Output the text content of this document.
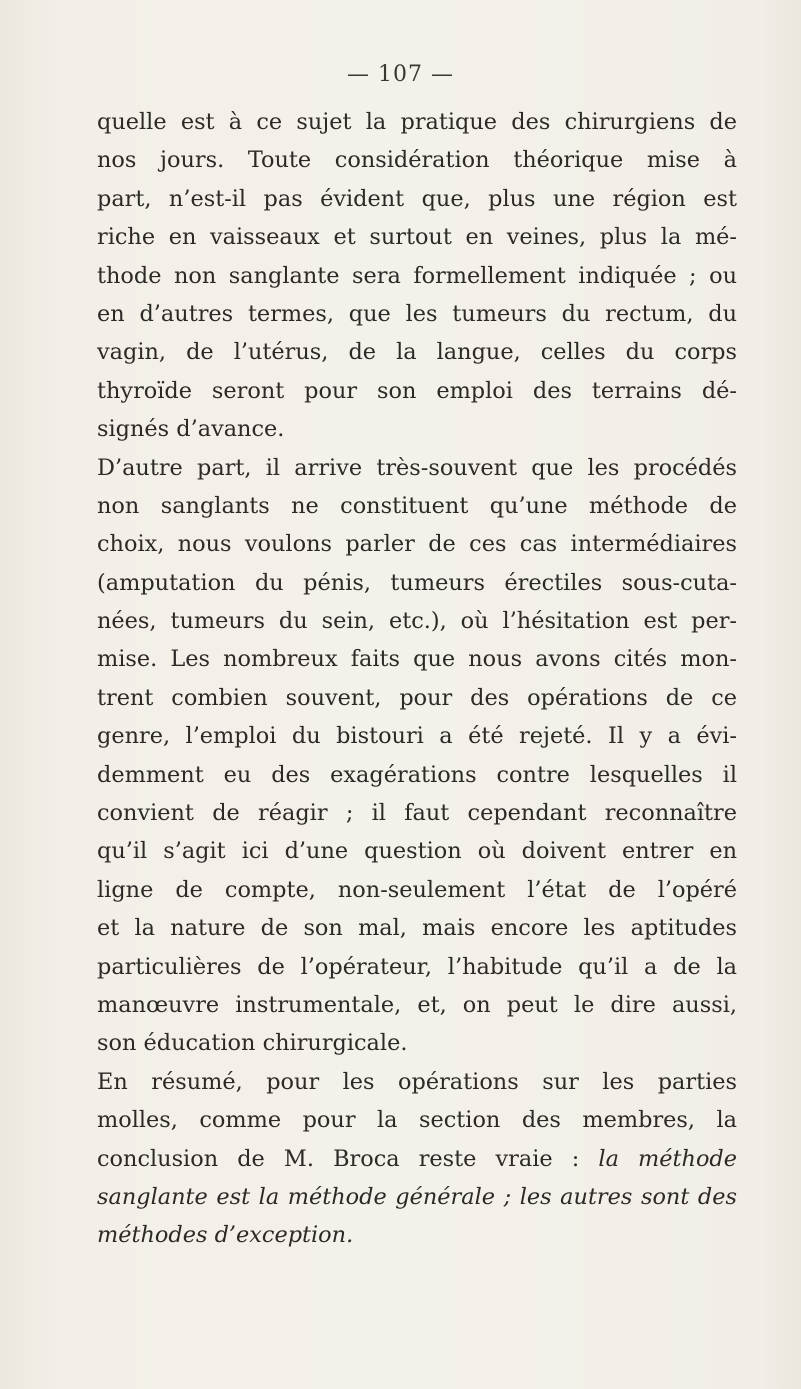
— 107 —
quelle est à ce sujet la pratique des chirurgiens de
nos jours. Toute considération théorique mise à
part, n’est-il pas évident que, plus une région est
riche en vaisseaux et surtout en veines, plus la mé-
thode non sanglante sera formellement indiquée ; ou
en d’autres termes, que les tumeurs du rectum, du
vagin, de l’utérus, de la langue, celles du corps
thyroïde seront pour son emploi des terrains dé-
signés d’avance.
D’autre part, il arrive très-souvent que les procédés
non sanglants ne constituent qu’une méthode de
choix, nous voulons parler de ces cas intermédiaires
(amputation du pénis, tumeurs érectiles sous-cuta-
nées, tumeurs du sein, etc.), où l’hésitation est per-
mise. Les nombreux faits que nous avons cités mon-
trent combien souvent, pour des opérations de ce
genre, l’emploi du bistouri a été rejeté. Il y a évi-
demment eu des exagérations contre lesquelles il
convient de réagir ; il faut cependant reconnaître
qu’il s’agit ici d’une question où doivent entrer en
ligne de compte, non-seulement l’état de l’opéré
et la nature de son mal, mais encore les aptitudes
particulières de l’opérateur, l’habitude qu’il a de la
manœuvre instrumentale, et, on peut le dire aussi,
son éducation chirurgicale.
En résumé, pour les opérations sur les parties
molles, comme pour la section des membres, la
conclusion de M. Broca reste vraie : la méthode
sanglante est la méthode générale ; les autres sont des
méthodes d’exception.
